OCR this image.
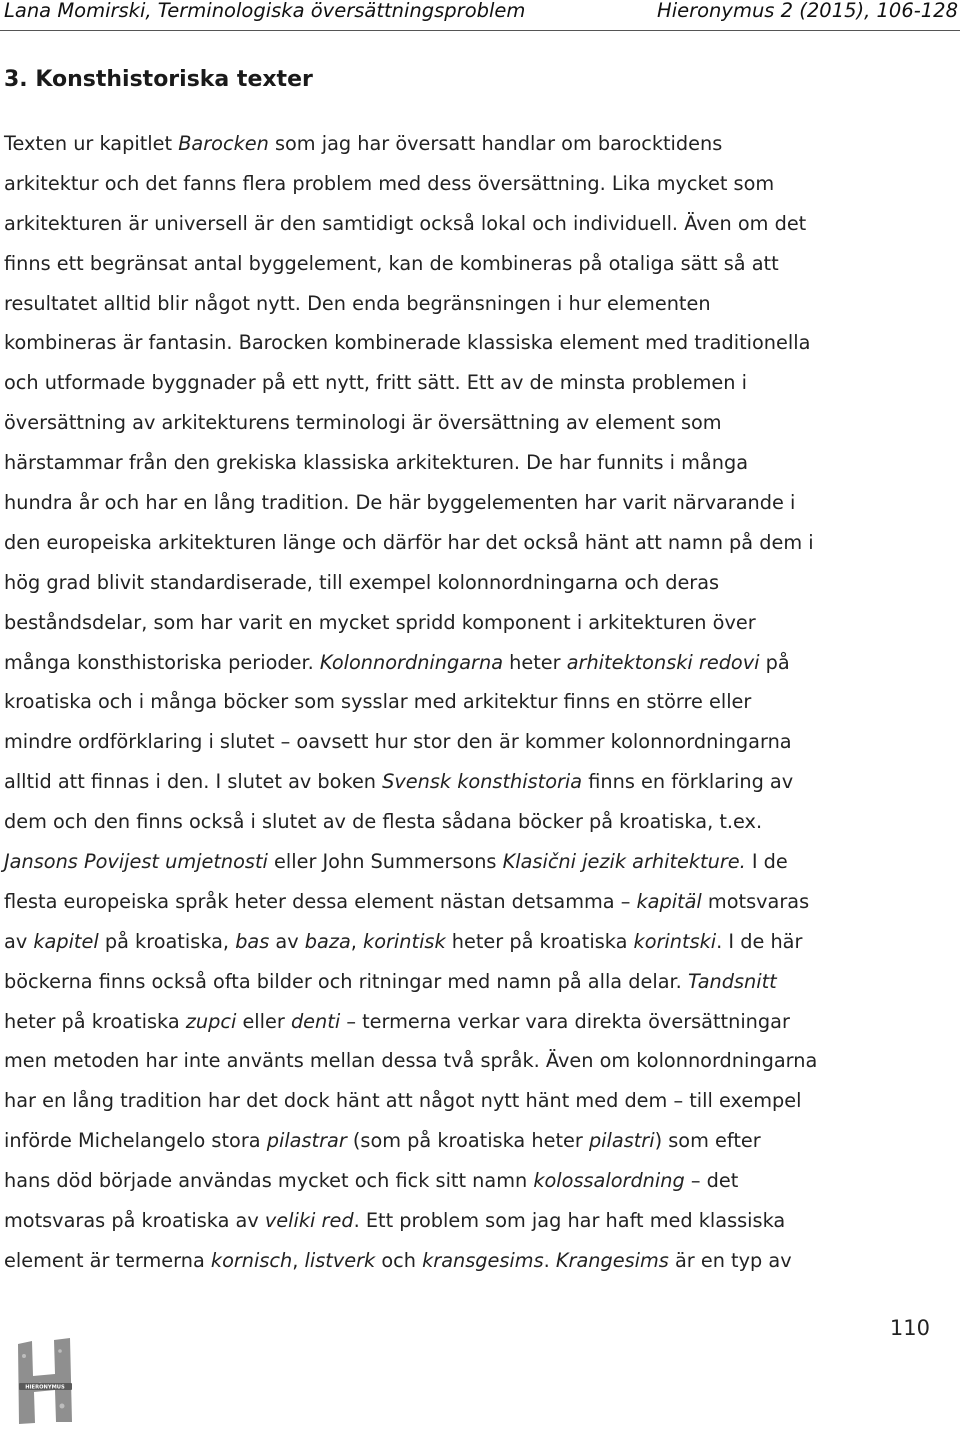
Lana Momirski, Terminologiska översättningsproblem	Hieronymus 2 (2015), 106-128
3. Konsthistoriska texter
Texten ur kapitlet Barocken som jag har översatt handlar om barocktidens
arkitektur och det fanns flera problem med dess översättning. Lika mycket som
arkitekturen är universell är den samtidigt också lokal och individuell. Även om det
finns ett begränsat antal byggelement, kan de kombineras på otaliga sätt så att
resultatet alltid blir något nytt. Den enda begränsningen i hur elementen
kombineras är fantasin. Barocken kombinerade klassiska element med traditionella
och utformade byggnader på ett nytt, fritt sätt. Ett av de minsta problemen i
översättning av arkitekturens terminologi är översättning av element som
härstammar från den grekiska klassiska arkitekturen. De har funnits i många
hundra år och har en lång tradition. De här byggelementen har varit närvarande i
den europeiska arkitekturen länge och därför har det också hänt att namn på dem i
hög grad blivit standardiserade, till exempel kolonnordningarna och deras
beståndsdelar, som har varit en mycket spridd komponent i arkitekturen över
många konsthistoriska perioder. Kolonnordningarna heter arhitektonski redovi på
kroatiska och i många böcker som sysslar med arkitektur finns en större eller
mindre ordförklaring i slutet – oavsett hur stor den är kommer kolonnordningarna
alltid att finnas i den. I slutet av boken Svensk konsthistoria finns en förklaring av
dem och den finns också i slutet av de flesta sådana böcker på kroatiska, t.ex.
Jansons Povijest umjetnosti eller John Summersons Klasični jezik arhitekture. I de
flesta europeiska språk heter dessa element nästan detsamma – kapitäl motsvaras
av kapitel på kroatiska, bas av baza, korintisk heter på kroatiska korintski. I de här
böckerna finns också ofta bilder och ritningar med namn på alla delar. Tandsnitt
heter på kroatiska zupci eller denti – termerna verkar vara direkta översättningar
men metoden har inte använts mellan dessa två språk. Även om kolonnordningarna
har en lång tradition har det dock hänt att något nytt hänt med dem – till exempel
införde Michelangelo stora pilastrar (som på kroatiska heter pilastri) som efter
hans död började användas mycket och fick sitt namn kolossalordning – det
motsvaras på kroatiska av veliki red. Ett problem som jag har haft med klassiska
element är termerna kornisch, listverk och kransgesims. Krangesims är en typ av
110
HIERONYMUS
